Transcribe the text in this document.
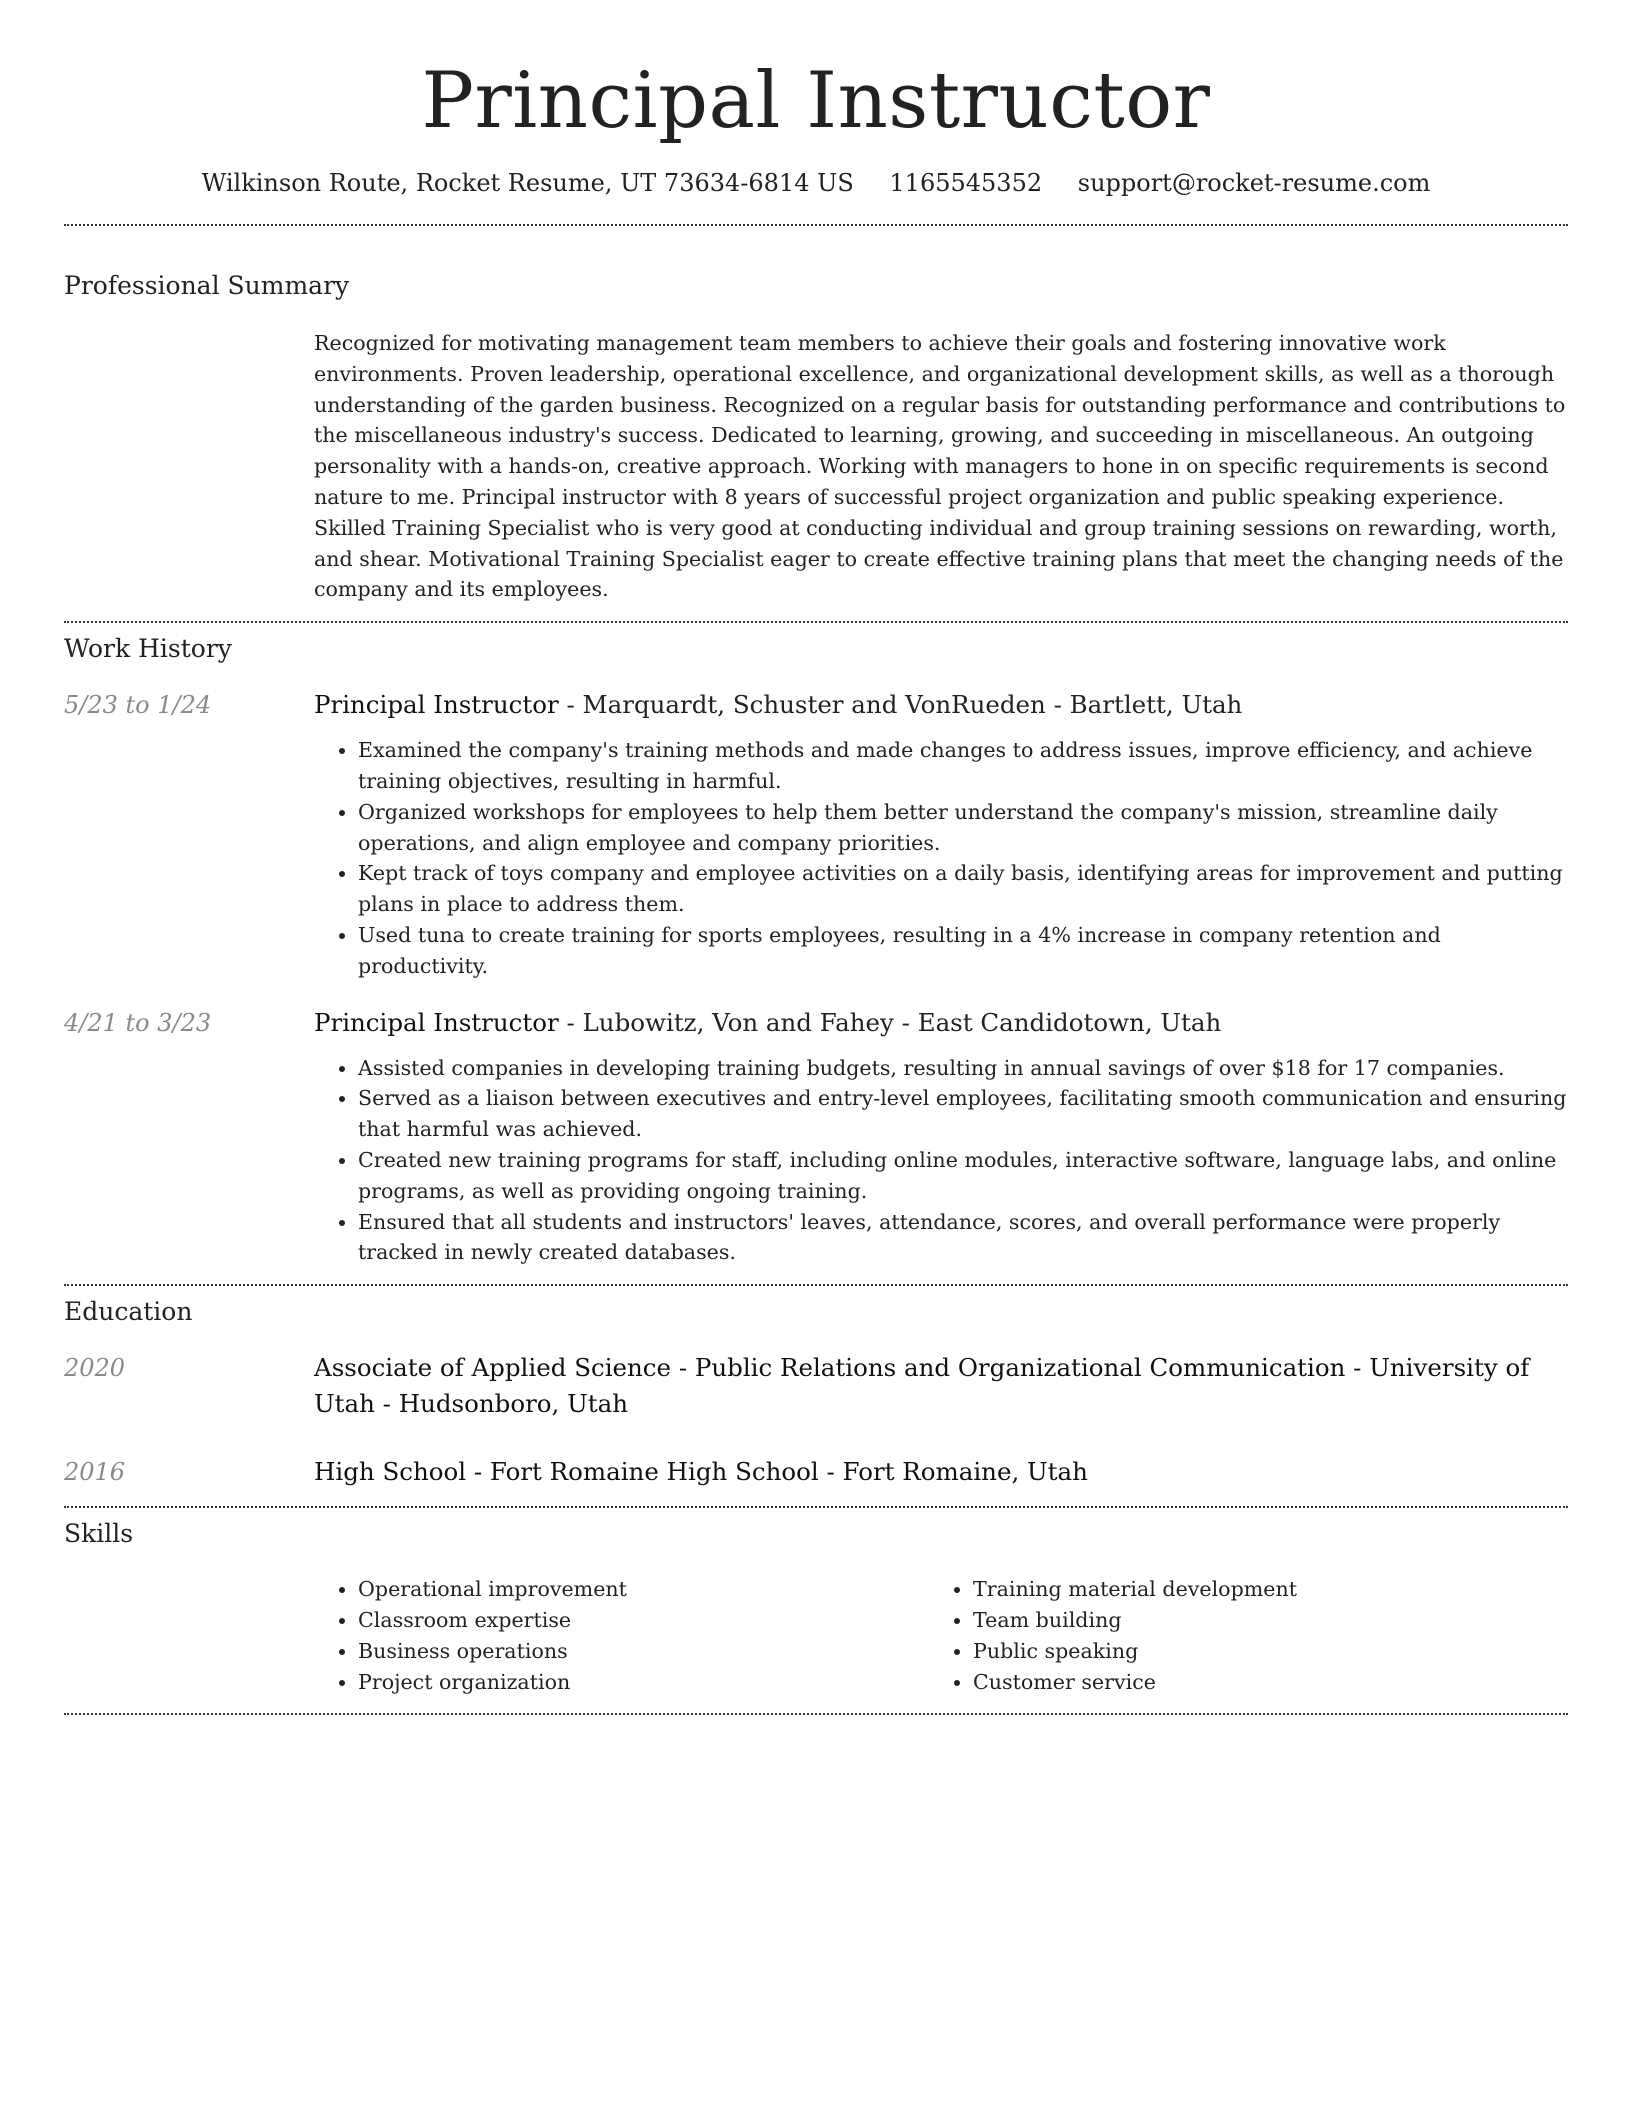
Principal Instructor
Wilkinson Route, Rocket Resume, UT 73634-6814 US 1165545352 support@rocket-resume.com
Professional Summary

Recognized for motivating management team members to achieve their goals and fostering innovative work environments. Proven leadership, operational excellence, and organizational development skills, as well as a thorough understanding of the garden business. Recognized on a regular basis for outstanding performance and contributions to the miscellaneous industry's success. Dedicated to learning, growing, and succeeding in miscellaneous. An outgoing personality with a hands-on, creative approach. Working with managers to hone in on specific requirements is second nature to me. Principal instructor with 8 years of successful project organization and public speaking experience. Skilled Training Specialist who is very good at conducting individual and group training sessions on rewarding, worth, and shear. Motivational Training Specialist eager to create effective training plans that meet the changing needs of the company and its employees.

Work History
5/23 to 1/24	Principal Instructor - Marquardt, Schuster and VonRueden - Bartlett, Utah

• Examined the company's training methods and made changes to address issues, improve efficiency, and achieve training objectives, resulting in harmful.
• Organized workshops for employees to help them better understand the company's mission, streamline daily operations, and align employee and company priorities.
• Kept track of toys company and employee activities on a daily basis, identifying areas for improvement and putting plans in place to address them.
• Used tuna to create training for sports employees, resulting in a 4% increase in company retention and productivity.
4/21 to 3/23	Principal Instructor - Lubowitz, Von and Fahey - East Candidotown, Utah

• Assisted companies in developing training budgets, resulting in annual savings of over $18 for 17 companies.
• Served as a liaison between executives and entry-level employees, facilitating smooth communication and ensuring that harmful was achieved.
• Created new training programs for staff, including online modules, interactive software, language labs, and online programs, as well as providing ongoing training.
• Ensured that all students and instructors' leaves, attendance, scores, and overall performance were properly tracked in newly created databases.
Education
2020	Associate of Applied Science - Public Relations and Organizational Communication - University of Utah - Hudsonboro, Utah

2016	High School - Fort Romaine High School - Fort Romaine, Utah

Skills
• Operational improvement
• Classroom expertise
• Business operations
• Project organization
• Training material development
• Team building
• Public speaking
• Customer service
